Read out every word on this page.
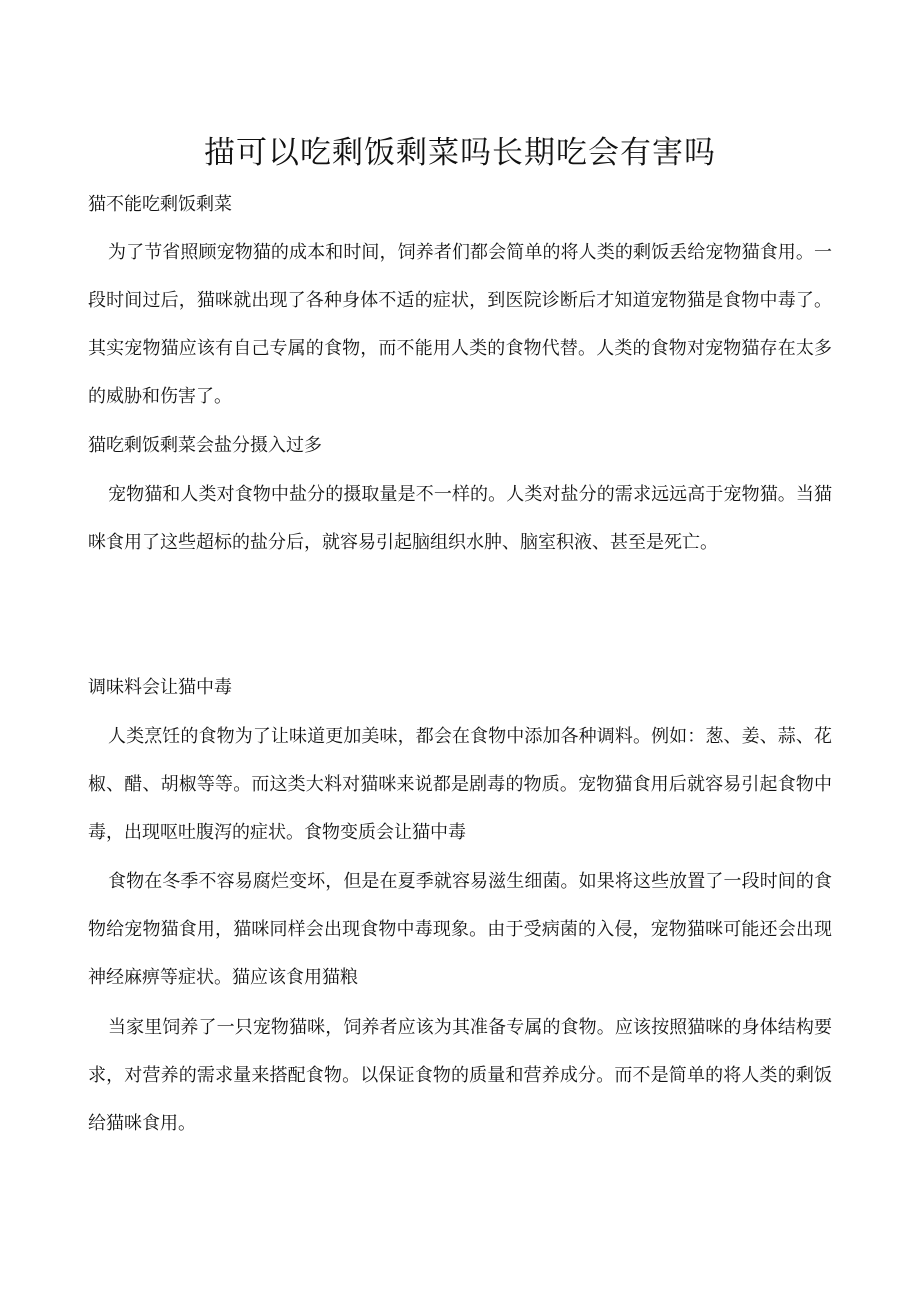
描可以吃剩饭剩菜吗长期吃会有害吗
猫不能吃剩饭剩菜

为了节省照顾宠物猫的成本和时间，饲养者们都会简单的将人类的剩饭丢给宠物猫食用。一段时间过后，猫咪就出现了各种身体不适的症状，到医院诊断后才知道宠物猫是食物中毒了。其实宠物猫应该有自己专属的食物，而不能用人类的食物代替。人类的食物对宠物猫存在太多的威胁和伤害了。

猫吃剩饭剩菜会盐分摄入过多

宠物猫和人类对食物中盐分的摄取量是不一样的。人类对盐分的需求远远高于宠物猫。当猫咪食用了这些超标的盐分后，就容易引起脑组织水肿、脑室积液、甚至是死亡。

调味料会让猫中毒

人类烹饪的食物为了让味道更加美味，都会在食物中添加各种调料。例如：葱、姜、蒜、花椒、醋、胡椒等等。而这类大料对猫咪来说都是剧毒的物质。宠物猫食用后就容易引起食物中毒，出现呕吐腹泻的症状。食物变质会让猫中毒

食物在冬季不容易腐烂变坏，但是在夏季就容易滋生细菌。如果将这些放置了一段时间的食物给宠物猫食用，猫咪同样会出现食物中毒现象。由于受病菌的入侵，宠物猫咪可能还会出现神经麻痹等症状。猫应该食用猫粮

当家里饲养了一只宠物猫咪，饲养者应该为其准备专属的食物。应该按照猫咪的身体结构要求，对营养的需求量来搭配食物。以保证食物的质量和营养成分。而不是简单的将人类的剩饭给猫咪食用。
